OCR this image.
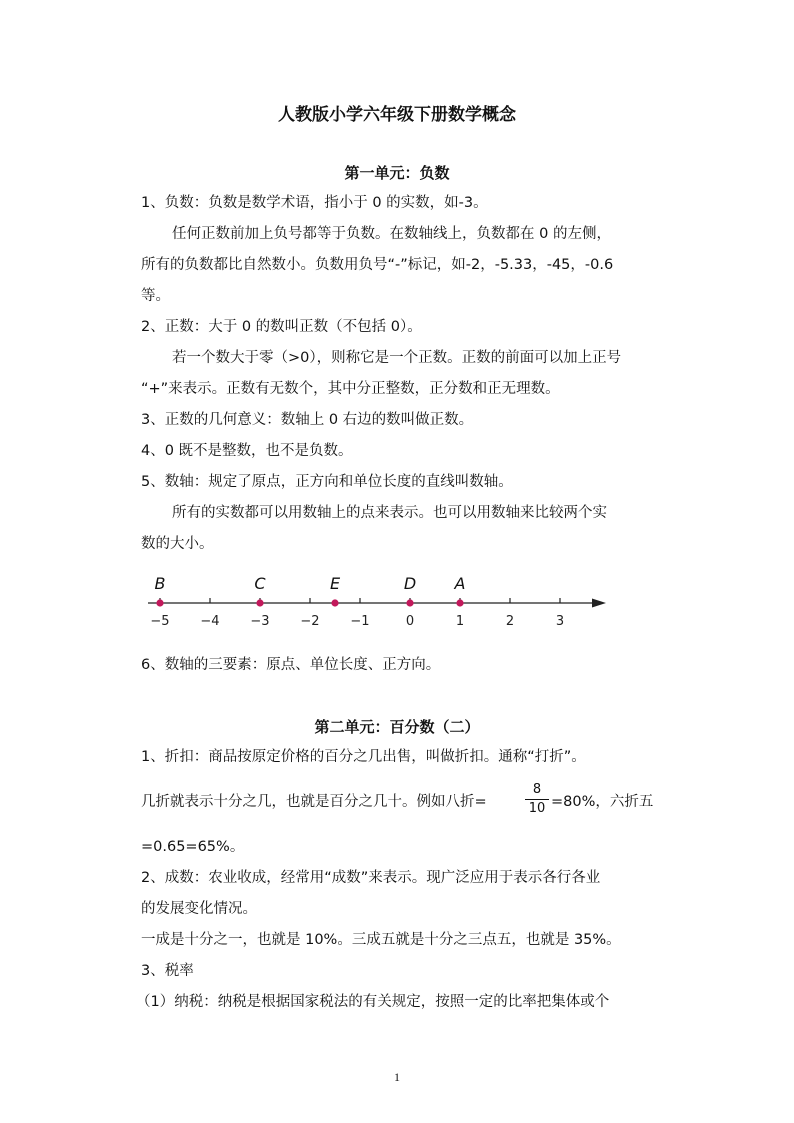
人教版小学六年级下册数学概念
第一单元：负数
1、负数：负数是数学术语，指小于 0 的实数，如-3。
任何正数前加上负号都等于负数。在数轴线上，负数都在 0 的左侧，
所有的负数都比自然数小。负数用负号“-”标记，如-2，-5.33，-45，-0.6
等。
2、正数：大于 0 的数叫正数（不包括 0）。
若一个数大于零（>0），则称它是一个正数。正数的前面可以加上正号
“+”来表示。正数有无数个，其中分正整数，正分数和正无理数。
3、正数的几何意义：数轴上 0 右边的数叫做正数。
4、0 既不是整数，也不是负数。
5、数轴：规定了原点，正方向和单位长度的直线叫数轴。
所有的实数都可以用数轴上的点来表示。也可以用数轴来比较两个实
数的大小。
−5 −4 −3 −2 −1	0	1	2	3
B	C	E	D A
6、数轴的三要素：原点、单位长度、正方向。
第二单元：百分数（二）
1、折扣：商品按原定价格的百分之几出售，叫做折扣。通称“打折”。
几折就表示十分之几，也就是百分之几十。例如八折=
8
10 =80%，六折五
=0.65=65%。
2、成数：农业收成，经常用“成数”来表示。现广泛应用于表示各行各业
的发展变化情况。
一成是十分之一，也就是 10%。三成五就是十分之三点五，也就是 35%。
3、税率
（1）纳税：纳税是根据国家税法的有关规定，按照一定的比率把集体或个
1
